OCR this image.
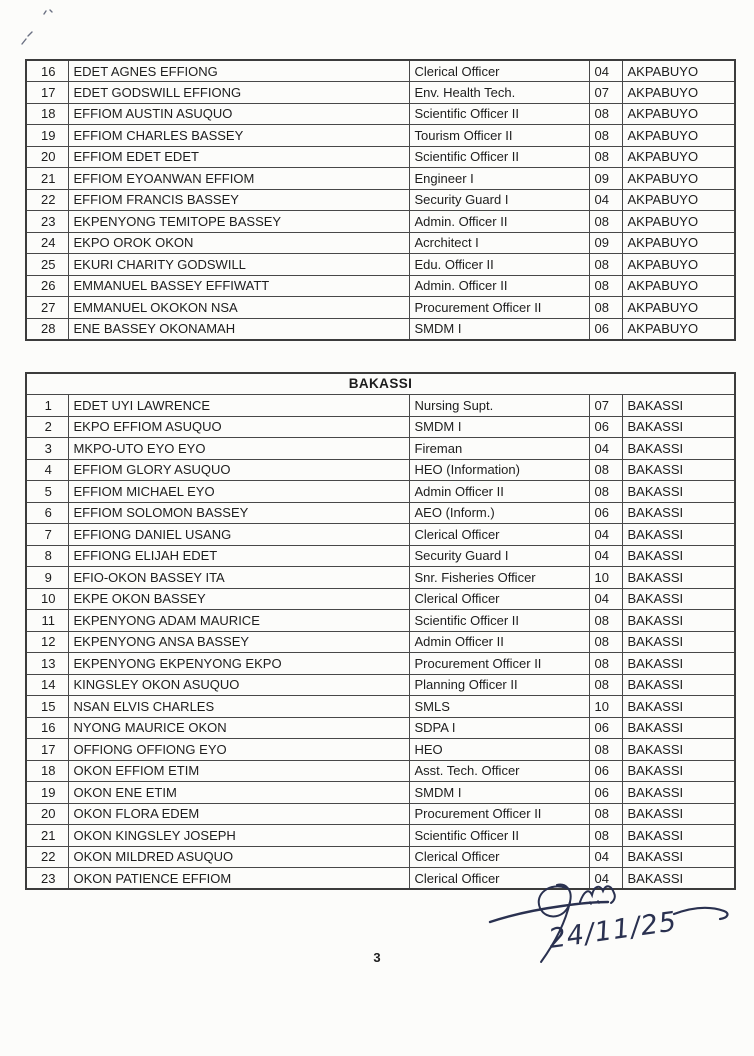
16	EDET AGNES EFFIONG	Clerical Officer	04	AKPABUYO
17	EDET GODSWILL EFFIONG	Env. Health Tech.	07	AKPABUYO
18	EFFIOM AUSTIN ASUQUO	Scientific Officer II	08	AKPABUYO
19	EFFIOM CHARLES BASSEY	Tourism Officer II	08	AKPABUYO
20	EFFIOM EDET EDET	Scientific Officer II	08	AKPABUYO
21	EFFIOM EYOANWAN EFFIOM	Engineer I	09	AKPABUYO
22	EFFIOM FRANCIS BASSEY	Security Guard I	04	AKPABUYO
23	EKPENYONG TEMITOPE BASSEY	Admin. Officer II	08	AKPABUYO
24	EKPO OROK OKON	Acrchitect I	09	AKPABUYO
25	EKURI CHARITY GODSWILL	Edu. Officer II	08	AKPABUYO
26	EMMANUEL BASSEY EFFIWATT	Admin. Officer II	08	AKPABUYO
27	EMMANUEL OKOKON NSA	Procurement Officer II	08	AKPABUYO
28	ENE BASSEY OKONAMAH	SMDM I	06	AKPABUYO
BAKASSI				
1	EDET UYI LAWRENCE	Nursing Supt.	07	BAKASSI
2	EKPO EFFIOM ASUQUO	SMDM I	06	BAKASSI
3	MKPO-UTO EYO EYO	Fireman	04	BAKASSI
4	EFFIOM GLORY ASUQUO	HEO (Information)	08	BAKASSI
5	EFFIOM MICHAEL EYO	Admin Officer II	08	BAKASSI
6	EFFIOM SOLOMON BASSEY	AEO (Inform.)	06	BAKASSI
7	EFFIONG DANIEL USANG	Clerical Officer	04	BAKASSI
8	EFFIONG ELIJAH EDET	Security Guard I	04	BAKASSI
9	EFIO-OKON BASSEY ITA	Snr. Fisheries Officer	10	BAKASSI
10	EKPE OKON BASSEY	Clerical Officer	04	BAKASSI
11	EKPENYONG ADAM MAURICE	Scientific Officer II	08	BAKASSI
12	EKPENYONG ANSA BASSEY	Admin Officer II	08	BAKASSI
13	EKPENYONG EKPENYONG EKPO	Procurement Officer II	08	BAKASSI
14	KINGSLEY OKON ASUQUO	Planning Officer II	08	BAKASSI
15	NSAN ELVIS CHARLES	SMLS	10	BAKASSI
16	NYONG MAURICE OKON	SDPA I	06	BAKASSI
17	OFFIONG OFFIONG EYO	HEO	08	BAKASSI
18	OKON EFFIOM ETIM	Asst. Tech. Officer	06	BAKASSI
19	OKON ENE ETIM	SMDM I	06	BAKASSI
20	OKON FLORA EDEM	Procurement Officer II	08	BAKASSI
21	OKON KINGSLEY JOSEPH	Scientific Officer II	08	BAKASSI
22	OKON MILDRED ASUQUO	Clerical Officer	04	BAKASSI
23	OKON PATIENCE EFFIOM	Clerical Officer	04	BAKASSI
24/11/25
3
